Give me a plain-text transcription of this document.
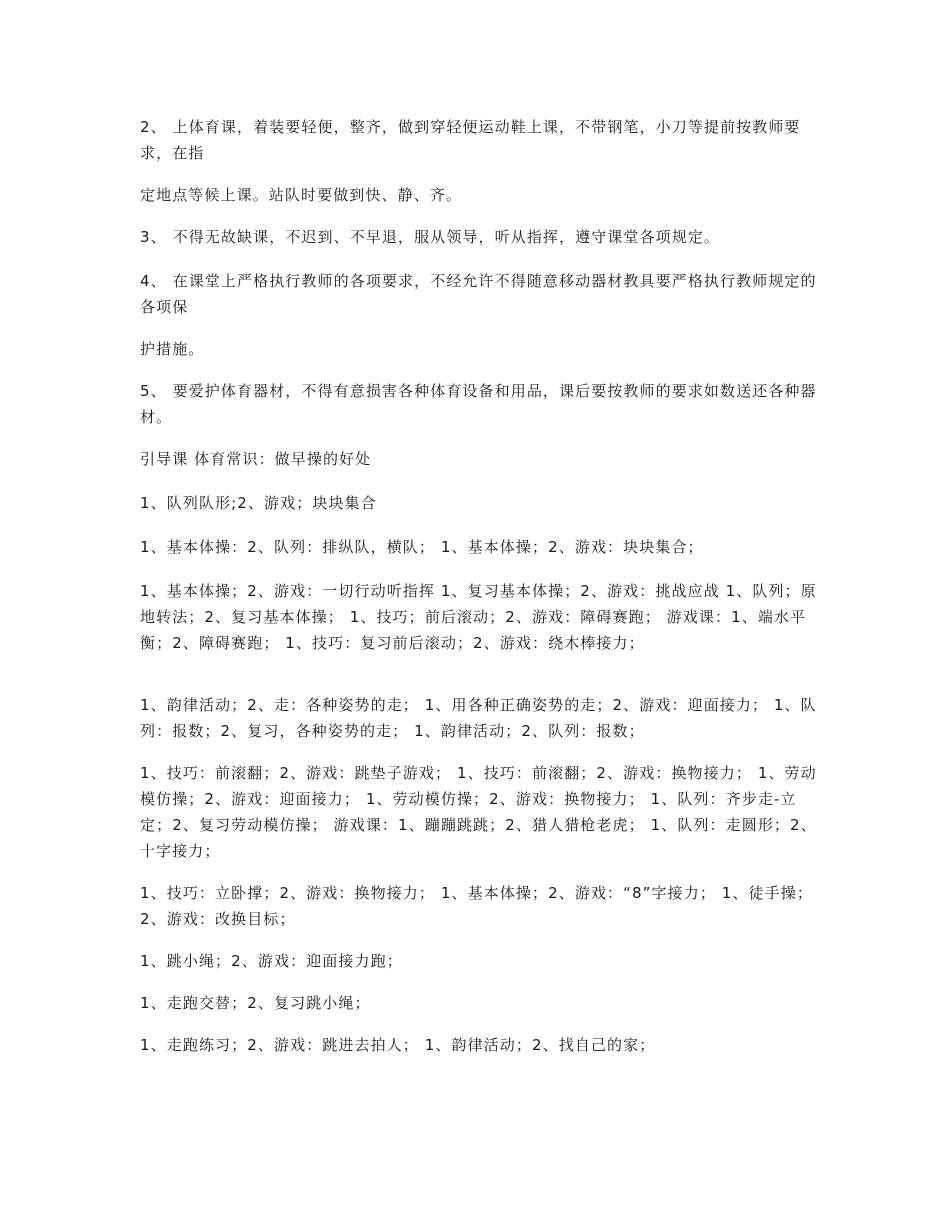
2、 上体育课，着装要轻便，整齐，做到穿轻便运动鞋上课，不带钢笔，小刀等提前按教师要求，在指

定地点等候上课。站队时要做到快、静、齐。

3、 不得无故缺课，不迟到、不早退，服从领导，听从指挥，遵守课堂各项规定。

4、 在课堂上严格执行教师的各项要求，不经允许不得随意移动器材教具要严格执行教师规定的各项保

护措施。

5、 要爱护体育器材，不得有意损害各种体育设备和用品，课后要按教师的要求如数送还各种器材。

引导课 体育常识：做早操的好处

1、队列队形;2、游戏；块块集合

1、基本体操：2、队列：排纵队，横队； 1、基本体操；2、游戏：块块集合；

1、基本体操；2、游戏：一切行动听指挥 1、复习基本体操；2、游戏：挑战应战 1、队列；原地转法；2、复习基本体操； 1、技巧；前后滚动；2、游戏：障碍赛跑； 游戏课：1、端水平衡；2、障碍赛跑； 1、技巧：复习前后滚动；2、游戏：绕木棒接力；

1、韵律活动；2、走：各种姿势的走； 1、用各种正确姿势的走；2、游戏：迎面接力； 1、队列：报数；2、复习，各种姿势的走； 1、韵律活动；2、队列：报数；

1、技巧：前滚翻；2、游戏：跳垫子游戏； 1、技巧：前滚翻；2、游戏：换物接力； 1、劳动模仿操；2、游戏：迎面接力； 1、劳动模仿操；2、游戏：换物接力； 1、队列：齐步走-立定；2、复习劳动模仿操； 游戏课：1、蹦蹦跳跳；2、猎人猎枪老虎； 1、队列：走圆形；2、十字接力；

1、技巧：立卧撑；2、游戏：换物接力； 1、基本体操；2、游戏：“8”字接力； 1、徒手操；2、游戏：改换目标；

1、跳小绳；2、游戏：迎面接力跑；

1、走跑交替；2、复习跳小绳；

1、走跑练习；2、游戏：跳进去拍人； 1、韵律活动；2、找自己的家；
